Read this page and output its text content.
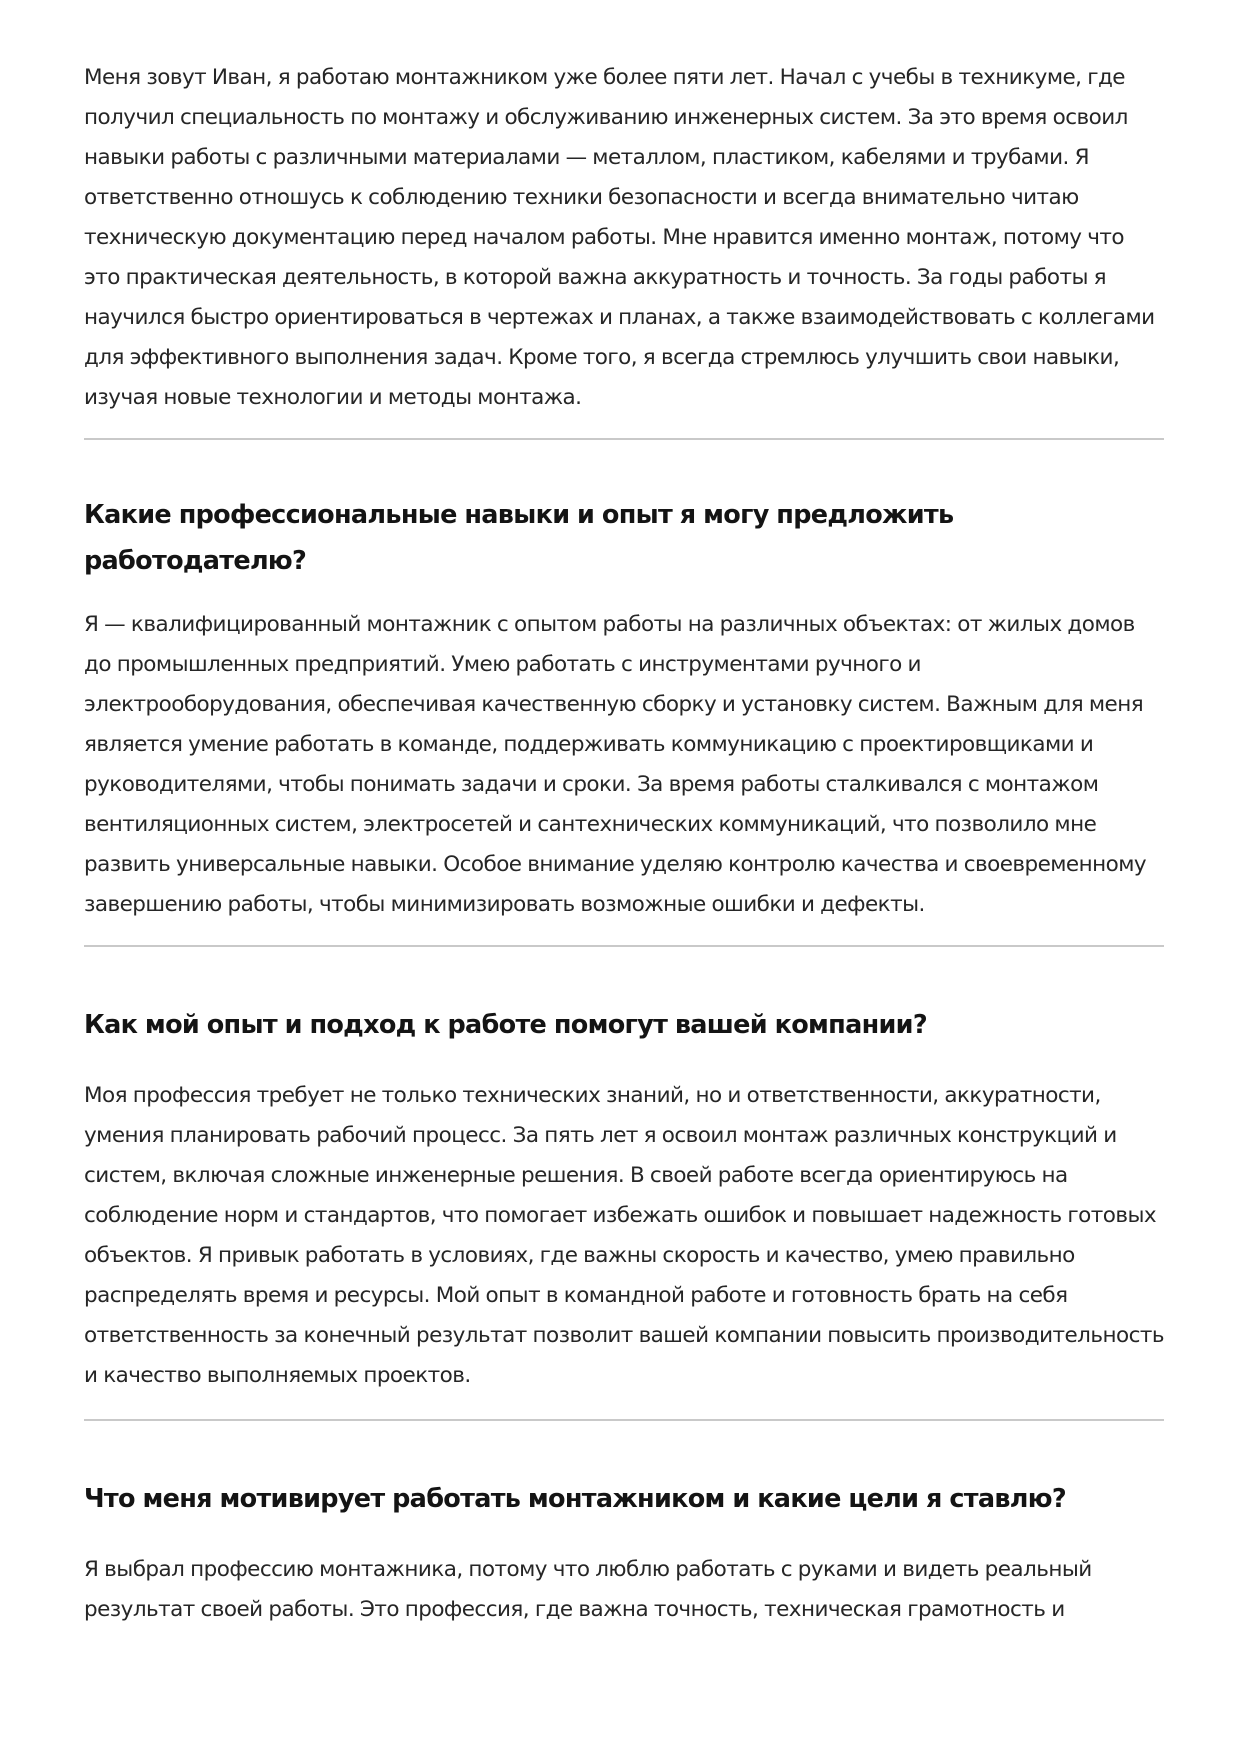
Меня зовут Иван, я работаю монтажником уже более пяти лет. Начал с учебы в техникуме, где получил специальность по монтажу и обслуживанию инженерных систем. За это время освоил навыки работы с различными материалами — металлом, пластиком, кабелями и трубами. Я ответственно отношусь к соблюдению техники безопасности и всегда внимательно читаю техническую документацию перед началом работы. Мне нравится именно монтаж, потому что это практическая деятельность, в которой важна аккуратность и точность. За годы работы я научился быстро ориентироваться в чертежах и планах, а также взаимодействовать с коллегами для эффективного выполнения задач. Кроме того, я всегда стремлюсь улучшить свои навыки, изучая новые технологии и методы монтажа.

Какие профессиональные навыки и опыт я могу предложить работодателю?

Я — квалифицированный монтажник с опытом работы на различных объектах: от жилых домов до промышленных предприятий. Умею работать с инструментами ручного и электрооборудования, обеспечивая качественную сборку и установку систем. Важным для меня является умение работать в команде, поддерживать коммуникацию с проектировщиками и руководителями, чтобы понимать задачи и сроки. За время работы сталкивался с монтажом вентиляционных систем, электросетей и сантехнических коммуникаций, что позволило мне развить универсальные навыки. Особое внимание уделяю контролю качества и своевременному завершению работы, чтобы минимизировать возможные ошибки и дефекты.

Как мой опыт и подход к работе помогут вашей компании?

Моя профессия требует не только технических знаний, но и ответственности, аккуратности, умения планировать рабочий процесс. За пять лет я освоил монтаж различных конструкций и систем, включая сложные инженерные решения. В своей работе всегда ориентируюсь на соблюдение норм и стандартов, что помогает избежать ошибок и повышает надежность готовых объектов. Я привык работать в условиях, где важны скорость и качество, умею правильно распределять время и ресурсы. Мой опыт в командной работе и готовность брать на себя ответственность за конечный результат позволит вашей компании повысить производительность и качество выполняемых проектов.

Что меня мотивирует работать монтажником и какие цели я ставлю?

Я выбрал профессию монтажника, потому что люблю работать с руками и видеть реальный результат своей работы. Это профессия, где важна точность, техническая грамотность и
